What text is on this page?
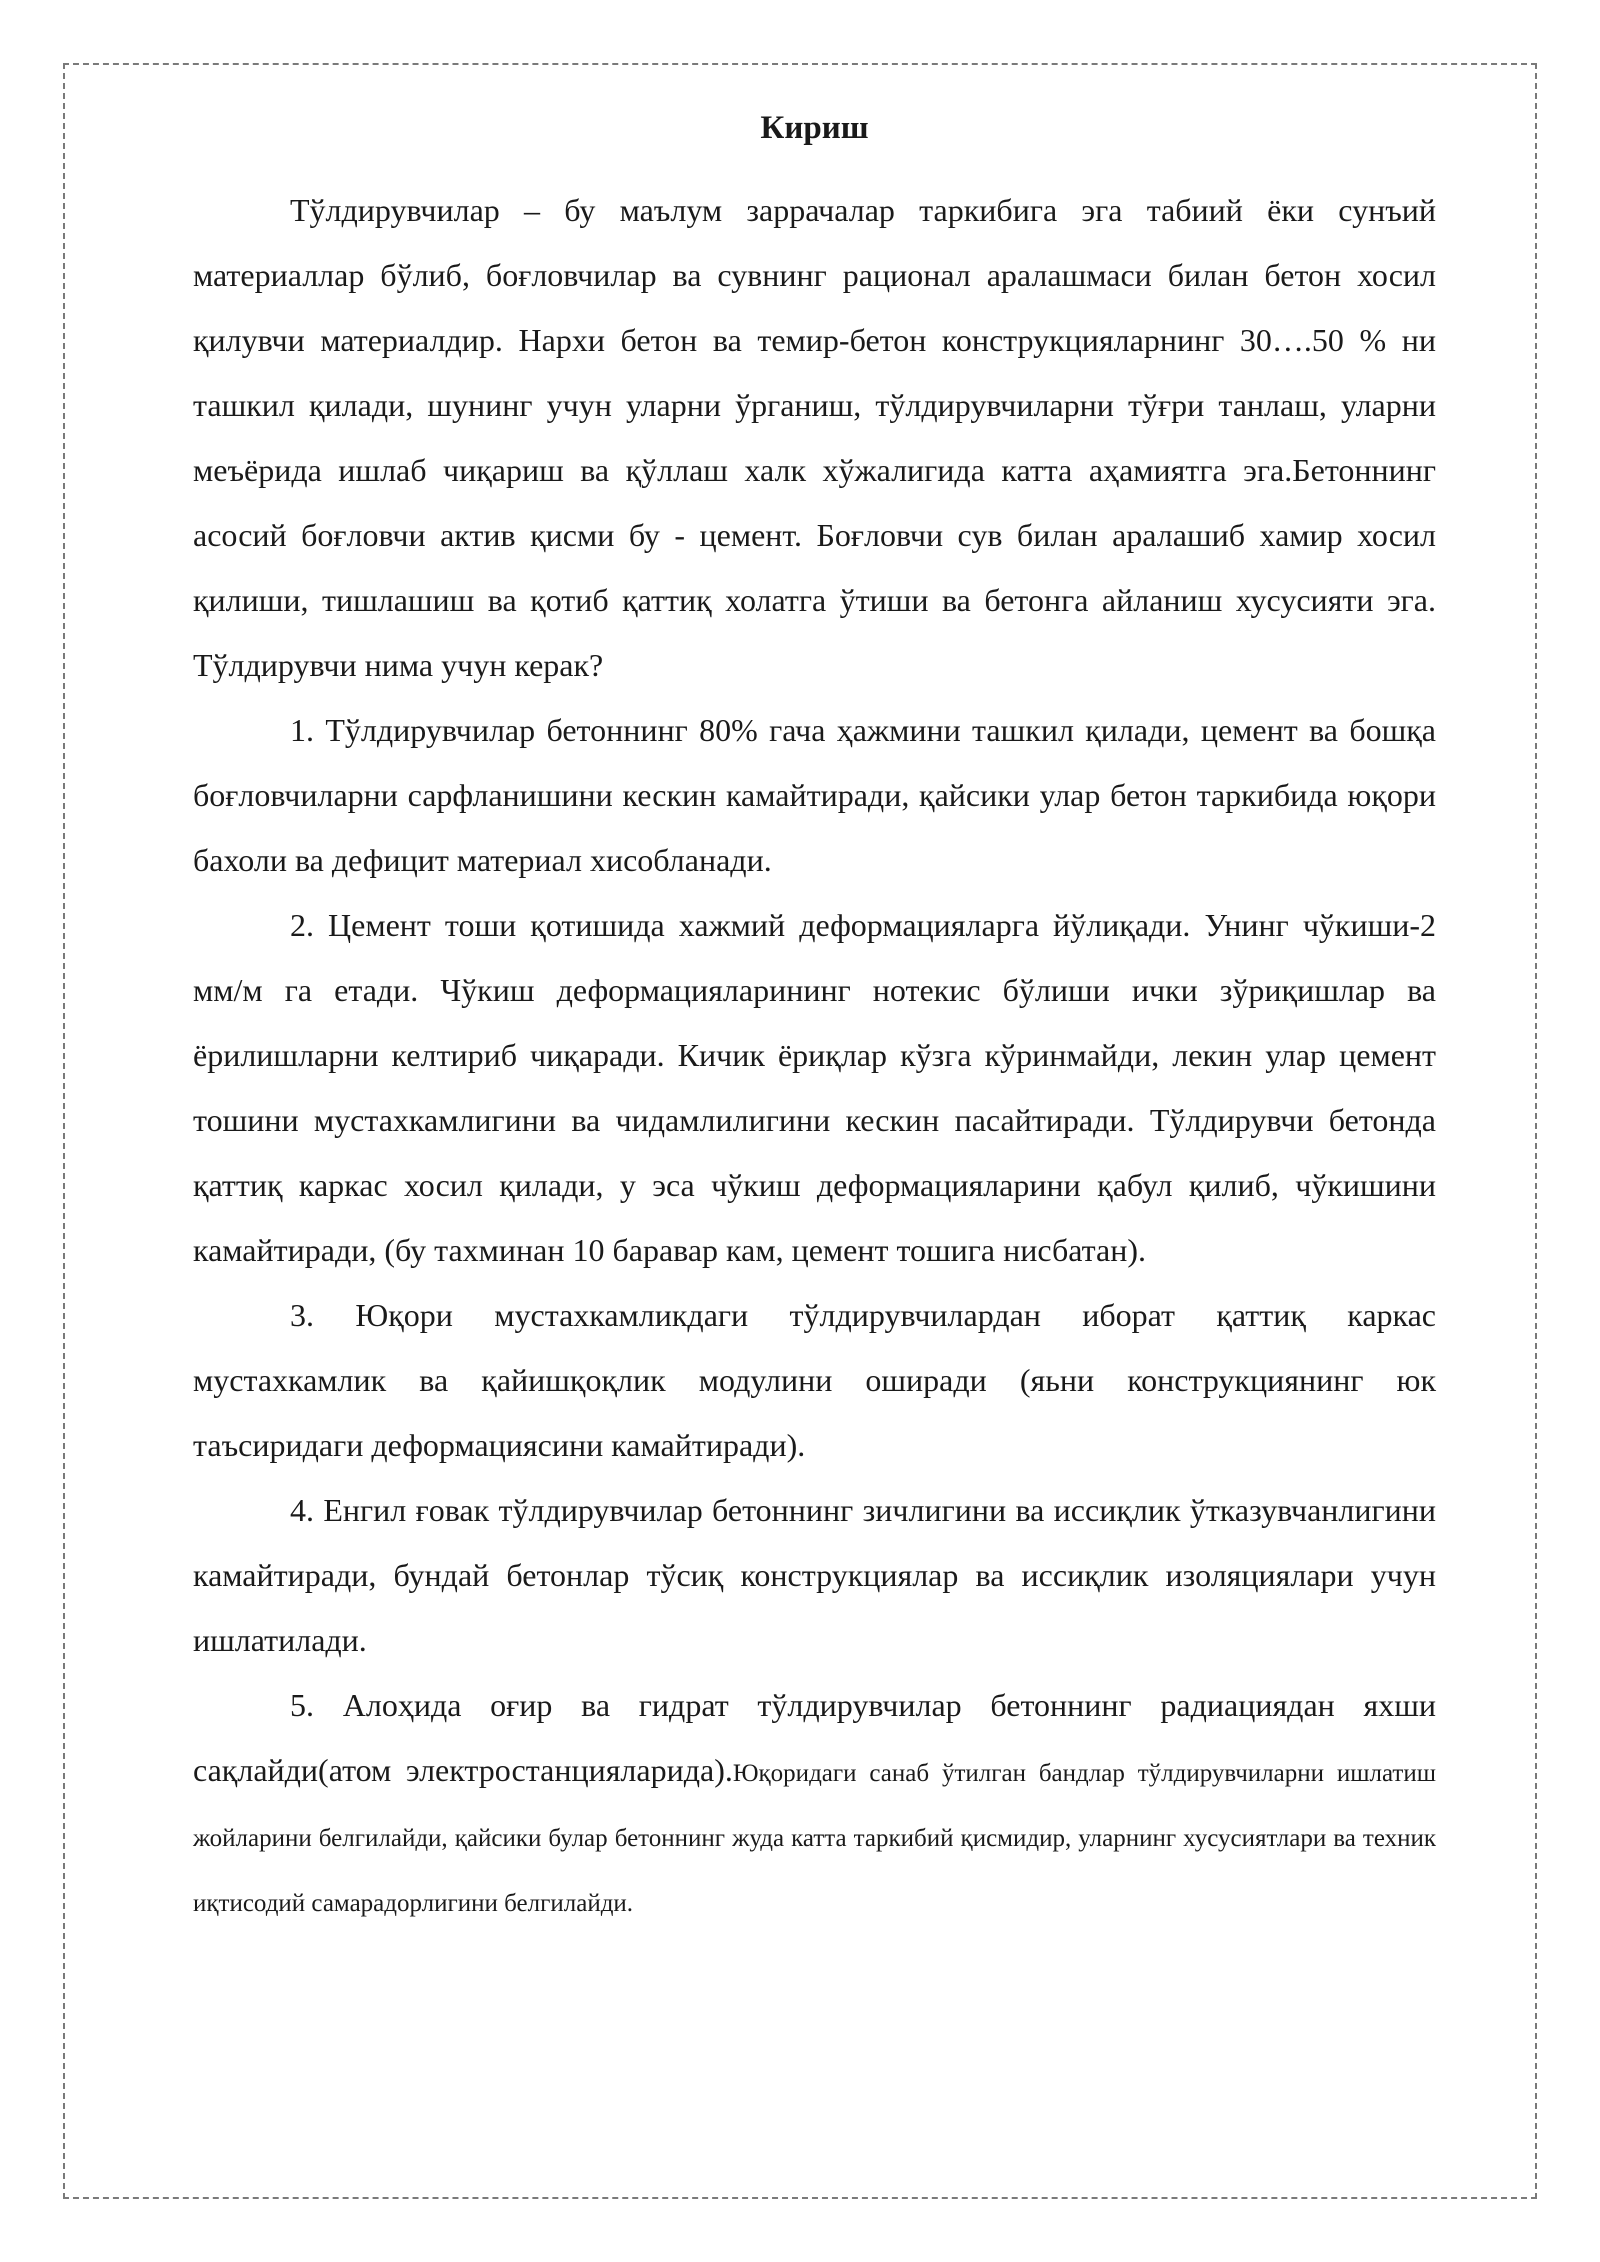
Кириш

Тўлдирувчилар – бу маълум заррачалар таркибига эга табиий ёки сунъий материаллар бўлиб, боғловчилар ва сувнинг рационал аралашмаси билан бетон хосил қилувчи материалдир. Нархи бетон ва темир-бетон конструкцияларнинг 30….50 % ни ташкил қилади, шунинг учун уларни ўрганиш, тўлдирувчиларни тўғри танлаш, уларни меъёрида ишлаб чиқариш ва қўллаш халк хўжалигида катта аҳамиятга эга.Бетоннинг асосий боғловчи актив қисми бу - цемент. Боғловчи сув билан аралашиб хамир хосил қилиши, тишлашиш ва қотиб қаттиқ холатга ўтиши ва бетонга айланиш хусусияти эга. Тўлдирувчи нима учун керак?

1. Тўлдирувчилар бетоннинг 80% гача ҳажмини ташкил қилади, цемент ва бошқа боғловчиларни сарфланишини кескин камайтиради, қайсики улар бетон таркибида юқори бахоли ва дефицит материал хисобланади.

2. Цемент тоши қотишида хажмий деформацияларга йўлиқади. Унинг чўкиши-2 мм/м га етади. Чўкиш деформацияларининг нотекис бўлиши ички зўриқишлар ва ёрилишларни келтириб чиқаради. Кичик ёриқлар кўзга кўринмайди, лекин улар цемент тошини мустахкамлигини ва чидамлилигини кескин пасайтиради. Тўлдирувчи бетонда қаттиқ каркас хосил қилади, у эса чўкиш деформацияларини қабул қилиб, чўкишини камайтиради, (бу тахминан 10 баравар кам, цемент тошига нисбатан).

3. Юқори мустахкамликдаги тўлдирувчилардан иборат қаттиқ каркас мустахкамлик ва қайишқоқлик модулини оширади (яьни конструкциянинг юк таъсиридаги деформациясини камайтиради).

4. Енгил ғовак тўлдирувчилар бетоннинг зичлигини ва иссиқлик ўтказувчанлигини камайтиради, бундай бетонлар тўсиқ конструкциялар ва иссиқлик изоляциялари учун ишлатилади.

5. Алоҳида оғир ва гидрат тўлдирувчилар бетоннинг радиациядан яхши сақлайди(атом электростанцияларида).Юқоридаги санаб ўтилган бандлар тўлдирувчиларни ишлатиш жойларини белгилайди, қайсики булар бетоннинг жуда катта таркибий қисмидир, уларнинг хусусиятлари ва техник иқтисодий самарадорлигини белгилайди.
